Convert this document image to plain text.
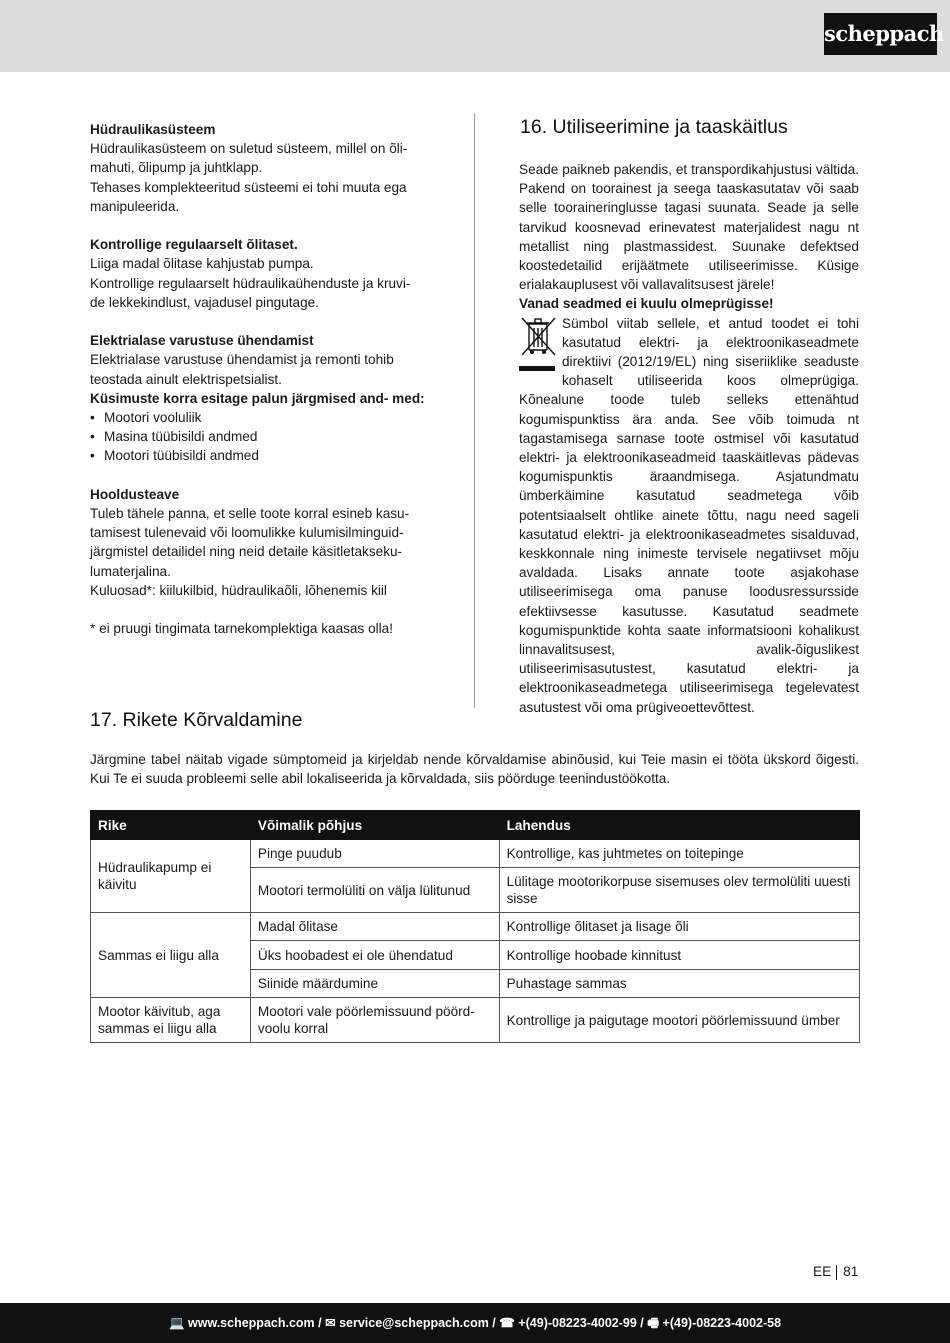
scheppach

Hüdraulikasüsteem

Hüdraulikasüsteem on suletud süsteem, millel on õli-

mahuti, õlipump ja juhtklapp.

Tehases komplekteeritud süsteemi ei tohi muuta ega

manipuleerida.

Kontrollige regulaarselt õlitaset.

Liiga madal õlitase kahjustab pumpa.

Kontrollige regulaarselt hüdraulikaühenduste ja kruvi-

de lekkekindlust, vajadusel pingutage.

Elektrialase varustuse ühendamist

Elektrialase varustuse ühendamist ja remonti tohib

teostada ainult elektrispetsialist.

Küsimuste korra esitage palun järgmised and- med:

• Mootori vooluliik
• Masina tüübisildi andmed
• Mootori tüübisildi andmed

Hooldusteave

Tuleb tähele panna, et selle toote korral esineb kasu-

tamisest tulenevaid või loomulikke kulumisilminguid-

järgmistel detailidel ning neid detaile käsitletakseku-

lumaterjalina.

Kuluosad*: kiilukilbid, hüdraulikaõli, lõhenemis kiil

* ei pruugi tingimata tarnekomplektiga kaasas olla!

16. Utiliseerimine ja taaskäitlus

Seade paikneb pakendis, et transpordikahjustusi vältida. Pakend on toorainest ja seega taaskasutatav või saab selle tooraineringlusse tagasi suunata. Seade ja selle tarvikud koosnevad erinevatest materjalidest nagu nt metallist ning plastmassidest. Suunake defektsed koostedetailid erijäätmete utiliseerimisse. Küsige erialakauplusest või vallavalitsusest järele!

Vanad seadmed ei kuulu olmeprügisse!

Sümbol viitab sellele, et antud toodet ei tohi kasutatud elektri- ja elektroonikaseadmete direktiivi (2012/19/EL) ning siseriiklike seaduste kohaselt utiliseerida koos olmeprügiga. Kõnealune toode tuleb selleks ettenähtud kogumispunktiss ära anda. See võib toimuda nt tagastamisega sarnase toote ostmisel või kasutatud elektri- ja elektroonikaseadmeid taaskäitlevas pädevas kogumispunktis äraandmisega. Asjatundmatu ümberkäimine kasutatud seadmetega võib potentsiaalselt ohtlike ainete tõttu, nagu need sageli kasutatud elektri- ja elektroonikaseadmetes sisalduvad, keskkonnale ning inimeste tervisele negatiivset mõju avaldada. Lisaks annate toote asjakohase utiliseerimisega oma panuse loodusressursside efektiivsesse kasutusse. Kasutatud seadmete kogumispunktide kohta saate informatsiooni kohalikust linnavalitsusest, avalik-õiguslikest utiliseerimisasutustest, kasutatud elektri- ja elektroonikaseadmetega utiliseerimisega tegelevatest asutustest või oma prügiveoettevõttest.

17. Rikete Kõrvaldamine

Järgmine tabel näitab vigade sümptomeid ja kirjeldab nende kõrvaldamise abinõusid, kui Teie masin ei tööta ükskord õigesti. Kui Te ei suuda probleemi selle abil lokaliseerida ja kõrvaldada, siis pöörduge teenindustöökotta.

Rike	Võimalik põhjus	Lahendus
Hüdraulikapump ei käivitu	Pinge puudub	Kontrollige, kas juhtmetes on toitepinge
	Mootori termolüliti on välja lülitunud	Lülitage mootorikorpuse sisemuses olev termolüliti uuesti sisse
Sammas ei liigu alla	Madal õlitase	Kontrollige õlitaset ja lisage õli
	Üks hoobadest ei ole ühendatud	Kontrollige hoobade kinnitust
	Siinide määrdumine	Puhastage sammas
Mootor käivitub, aga sammas ei liigu alla	Mootori vale pöörlemissuund pöörd- voolu korral	Kontrollige ja paigutage mootori pöörlemissuund ümber
EE 81
💻 www.scheppach.com / ✉ service@scheppach.com / ☎ +(49)-08223-4002-99 / 🖷 +(49)-08223-4002-58
